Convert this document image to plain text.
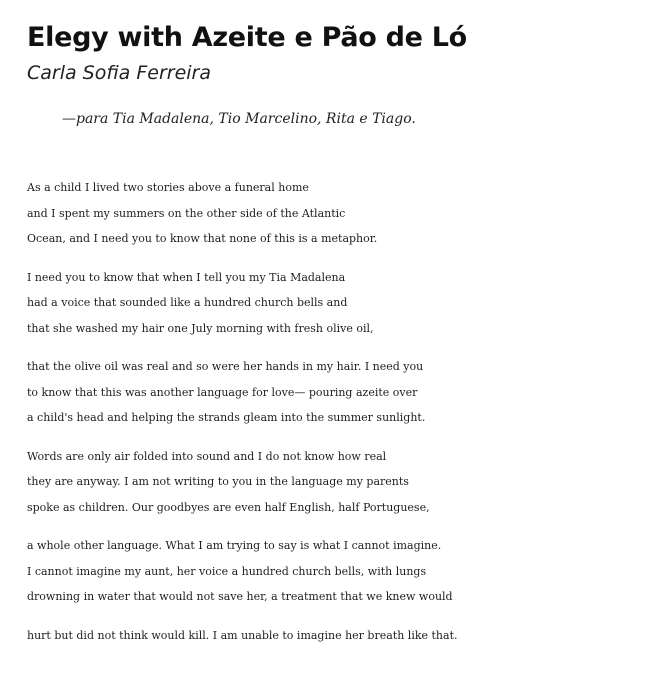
Elegy with Azeite e Pão de Ló
Carla Sofia Ferreira
—para Tia Madalena, Tio Marcelino, Rita e Tiago.
As a child I lived two stories above a funeral home
and I spent my summers on the other side of the Atlantic
Ocean, and I need you to know that none of this is a metaphor.
I need you to know that when I tell you my Tia Madalena
had a voice that sounded like a hundred church bells and
that she washed my hair one July morning with fresh olive oil,
that the olive oil was real and so were her hands in my hair. I need you
to know that this was another language for love— pouring azeite over
a child's head and helping the strands gleam into the summer sunlight.
Words are only air folded into sound and I do not know how real
they are anyway. I am not writing to you in the language my parents
spoke as children. Our goodbyes are even half English, half Portuguese,
a whole other language. What I am trying to say is what I cannot imagine.
I cannot imagine my aunt, her voice a hundred church bells, with lungs
drowning in water that would not save her, a treatment that we knew would
hurt but did not think would kill. I am unable to imagine her breath like that.
